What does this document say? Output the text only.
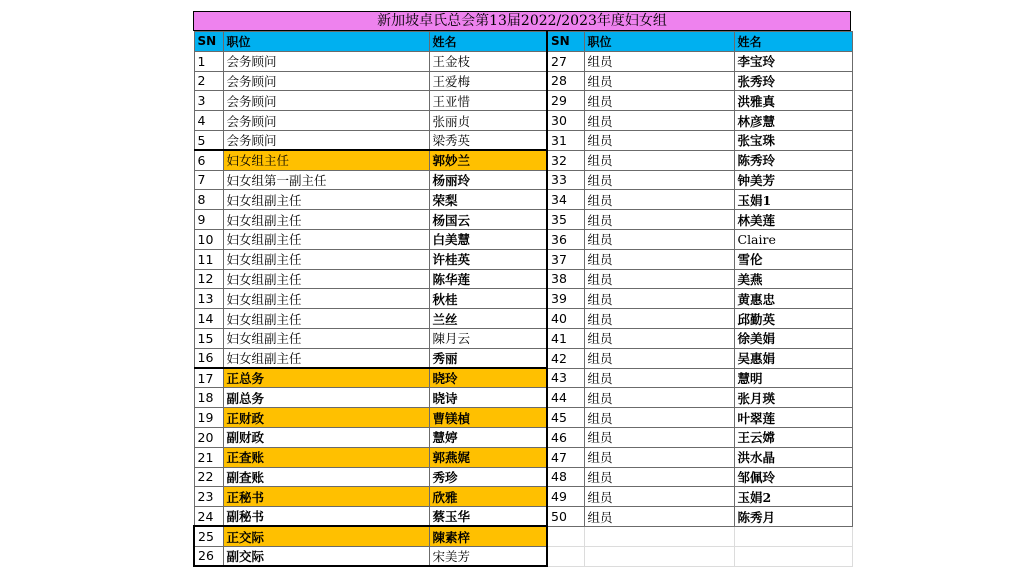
新加坡卓氏总会第13届2022/2023年度妇女组
SN	职位	姓名	SN	职位	姓名
1	会务顾问	王金枝	27	组员	李宝玲
2	会务顾问	王爱梅	28	组员	张秀玲
3	会务顾问	王亚惜	29	组员	洪雅真
4	会务顾问	张丽贞	30	组员	林彦慧
5	会务顾问	梁秀英	31	组员	张宝珠
6	妇女组主任	郭妙兰	32	组员	陈秀玲
7	妇女组第一副主任	杨丽玲	33	组员	钟美芳
8	妇女组副主任	荣梨	34	组员	玉娟1
9	妇女组副主任	杨国云	35	组员	林美莲
10	妇女组副主任	白美慧	36	组员	Claire
11	妇女组副主任	许桂英	37	组员	雪伦
12	妇女组副主任	陈华莲	38	组员	美燕
13	妇女组副主任	秋桂	39	组员	黄惠忠
14	妇女组副主任	兰丝	40	组员	邱勤英
15	妇女组副主任	陳月云	41	组员	徐美娟
16	妇女组副主任	秀丽	42	组员	吴惠娟
17	正总务	晓玲	43	组员	慧明
18	副总务	晓诗	44	组员	张月瑛
19	正财政	曹镁楨	45	组员	叶翠莲
20	副财政	慧婷	46	组员	王云嫦
21	正查账	郭燕娓	47	组员	洪水晶
22	副查账	秀珍	48	组员	邹佩玲
23	正秘书	欣雅	49	组员	玉娟2
24	副秘书	蔡玉华	50	组员	陈秀月
25	正交际	陳素梓			
26	副交际	宋美芳			
